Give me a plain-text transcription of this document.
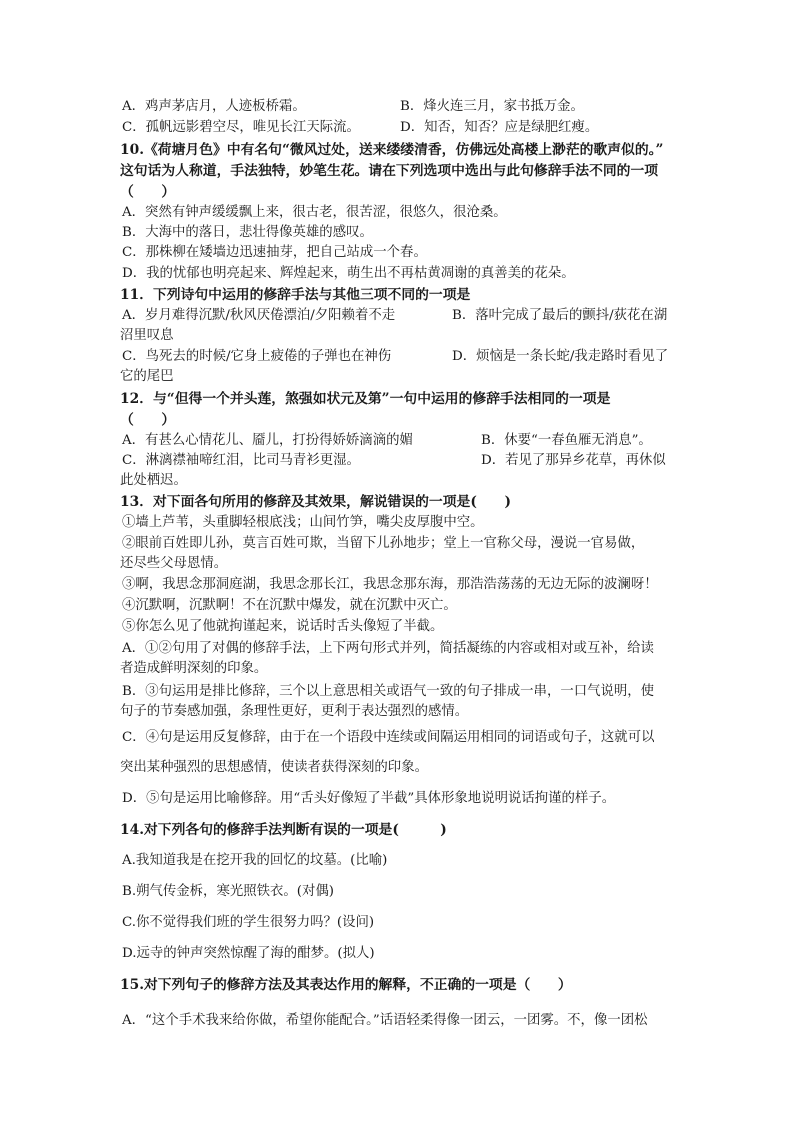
A．鸡声茅店月，人迹板桥霜。	B．烽火连三月，家书抵万金。
C．孤帆远影碧空尽，唯见长江天际流。	D．知否，知否？应是绿肥红瘦。
10.《荷塘月色》中有名句“微风过处，送来缕缕清香，仿佛远处高楼上渺茫的歌声似的。”
这句话为人称道，手法独特，妙笔生花。请在下列选项中选出与此句修辞手法不同的一项
（　　）
A．突然有钟声缓缓飘上来，很古老，很苦涩，很悠久，很沧桑。
B．大海中的落日，悲壮得像英雄的感叹。
C．那株柳在矮墙边迅速抽芽，把自己站成一个春。
D．我的忧郁也明亮起来、辉煌起来，萌生出不再枯黄凋谢的真善美的花朵。
11．下列诗句中运用的修辞手法与其他三项不同的一项是
A．岁月难得沉默/秋风厌倦漂泊/夕阳赖着不走	B．落叶完成了最后的颤抖/荻花在湖
沼里叹息
C．鸟死去的时候/它身上疲倦的子弹也在神伤	D．烦恼是一条长蛇/我走路时看见了
它的尾巴
12．与“但得一个并头莲，煞强如状元及第”一句中运用的修辞手法相同的一项是
（　　）
A．有甚么心情花儿、靥儿，打扮得娇娇滴滴的媚	B．休要“一春鱼雁无消息”。
C．淋漓襟袖啼红泪，比司马青衫更湿。	D．若见了那异乡花草，再休似
此处栖迟。
13．对下面各句所用的修辞及其效果，解说错误的一项是(　　)
①墙上芦苇，头重脚轻根底浅；山间竹笋，嘴尖皮厚腹中空。
②眼前百姓即儿孙，莫言百姓可欺，当留下儿孙地步；堂上一官称父母，漫说一官易做，
还尽些父母恩情。
③啊，我思念那洞庭湖，我思念那长江，我思念那东海，那浩浩荡荡的无边无际的波澜呀！
④沉默啊，沉默啊！不在沉默中爆发，就在沉默中灭亡。
⑤你怎么见了他就拘谨起来，说话时舌头像短了半截。
A．①②句用了对偶的修辞手法，上下两句形式并列，简括凝练的内容或相对或互补，给读
者造成鲜明深刻的印象。
B．③句运用是排比修辞，三个以上意思相关或语气一致的句子排成一串，一口气说明，使
句子的节奏感加强，条理性更好，更利于表达强烈的感情。
C．④句是运用反复修辞，由于在一个语段中连续或间隔运用相同的词语或句子，这就可以
突出某种强烈的思想感情，使读者获得深刻的印象。
D．⑤句是运用比喻修辞。用“舌头好像短了半截”具体形象地说明说话拘谨的样子。
14.对下列各句的修辞手法判断有误的一项是(　　　)
A.我知道我是在挖开我的回忆的坟墓。(比喻)
B.朔气传金柝，寒光照铁衣。(对偶)
C.你不觉得我们班的学生很努力吗？(设问)
D.远寺的钟声突然惊醒了海的酣梦。(拟人)
15.对下列句子的修辞方法及其表达作用的解释，不正确的一项是（　　）
A．“这个手术我来给你做，希望你能配合。”话语轻柔得像一团云，一团雾。不，像一团松
